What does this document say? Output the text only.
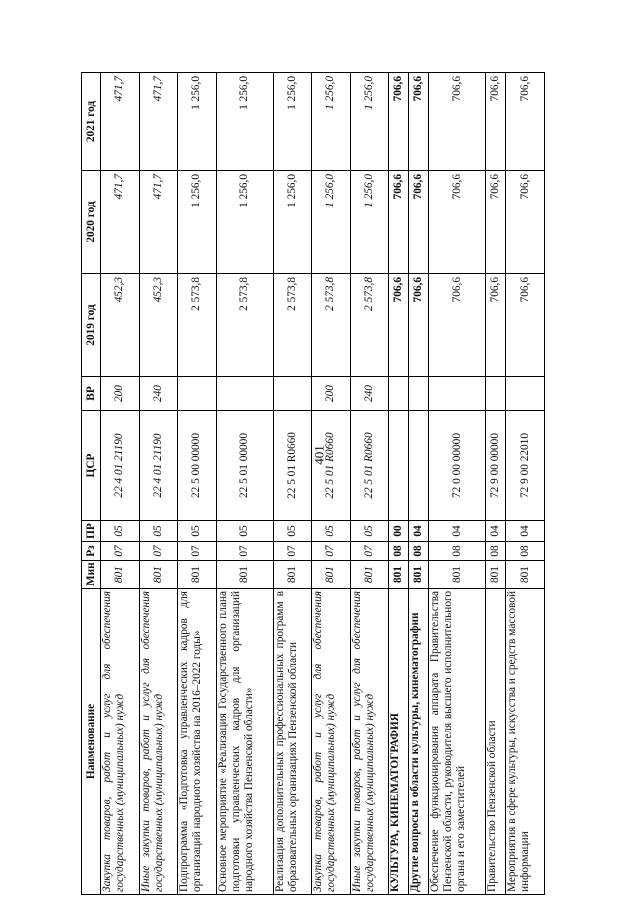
401
Наименование	Мин	Рз	ПР	ЦСР	ВР	2019 год	2020 год	2021 год
Закупка товаров, работ и услуг для обеспечения государственных (муниципальных) нужд	801	07	05	22 4 01 21190	200	452,3	471,7	471,7
Иные закупки товаров, работ и услуг для обеспечения государственных (муниципальных) нужд	801	07	05	22 4 01 21190	240	452,3	471,7	471,7
Подпрограмма «Подготовка управленческих кадров для организаций народного хозяйства на 2016–2022 годы»	801	07	05	22 5 00 00000		2 573,8	1 256,0	1 256,0
Основное мероприятие «Реализация Государственного плана подготовки управленческих кадров для организаций народного хозяйства Пензенской области»	801	07	05	22 5 01 00000		2 573,8	1 256,0	1 256,0
Реализация дополнительных профессиональных программ в образовательных организациях Пензенской области	801	07	05	22 5 01 R0660		2 573,8	1 256,0	1 256,0
Закупка товаров, работ и услуг для обеспечения государственных (муниципальных) нужд	801	07	05	22 5 01 R0660	200	2 573,8	1 256,0	1 256,0
Иные закупки товаров, работ и услуг для обеспечения государственных (муниципальных) нужд	801	07	05	22 5 01 R0660	240	2 573,8	1 256,0	1 256,0
КУЛЬТУРА, КИНЕМАТОГРАФИЯ	801	08	00			706,6	706,6	706,6
Другие вопросы в области культуры, кинематографии	801	08	04			706,6	706,6	706,6
Обеспечение функционирования аппарата Правительства Пензенской области, руководителя высшего исполнительного органа и его заместителей	801	08	04	72 0 00 00000		706,6	706,6	706,6
Правительство Пензенской области	801	08	04	72 9 00 00000		706,6	706,6	706,6
Мероприятия в сфере культуры, искусства и средств массовой информации	801	08	04	72 9 00 22010		706,6	706,6	706,6
